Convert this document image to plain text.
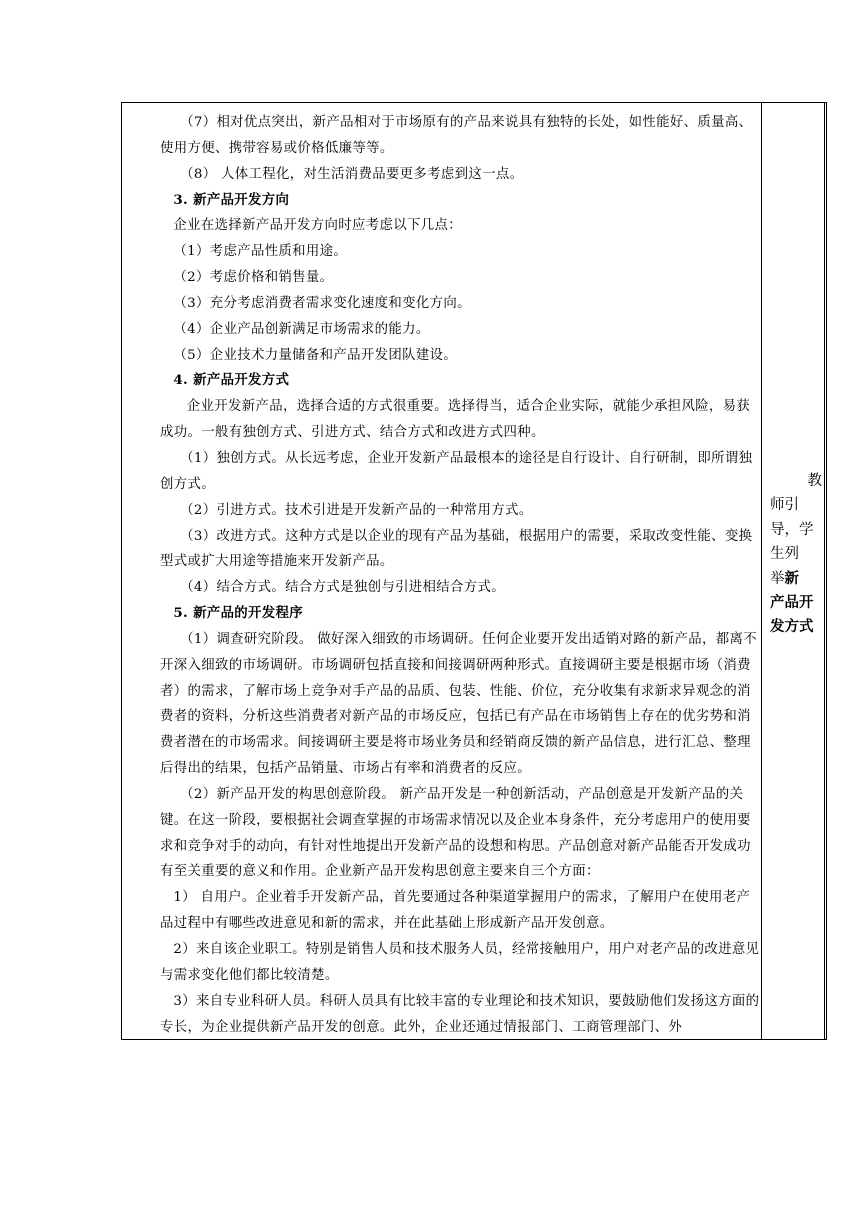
（7）相对优点突出，新产品相对于市场原有的产品来说具有独特的长处，如性能好、质量高、使用方便、携带容易或价格低廉等等。

（8） 人体工程化，对生活消费品要更多考虑到这一点。

3. 新产品开发方向

企业在选择新产品开发方向时应考虑以下几点：

（1）考虑产品性质和用途。

（2）考虑价格和销售量。

（3）充分考虑消费者需求变化速度和变化方向。

（4）企业产品创新满足市场需求的能力。

（5）企业技术力量储备和产品开发团队建设。

4. 新产品开发方式

企业开发新产品，选择合适的方式很重要。选择得当，适合企业实际，就能少承担风险，易获成功。一般有独创方式、引进方式、结合方式和改进方式四种。

（1）独创方式。从长远考虑，企业开发新产品最根本的途径是自行设计、自行研制，即所谓独创方式。

（2）引进方式。技术引进是开发新产品的一种常用方式。

（3）改进方式。这种方式是以企业的现有产品为基础，根据用户的需要，采取改变性能、变换型式或扩大用途等措施来开发新产品。

（4）结合方式。结合方式是独创与引进相结合方式。

5. 新产品的开发程序

（1）调查研究阶段。 做好深入细致的市场调研。任何企业要开发出适销对路的新产品，都离不开深入细致的市场调研。市场调研包括直接和间接调研两种形式。直接调研主要是根据市场（消费者）的需求，了解市场上竞争对手产品的品质、包装、性能、价位，充分收集有求新求异观念的消费者的资料，分析这些消费者对新产品的市场反应，包括已有产品在市场销售上存在的优劣势和消费者潜在的市场需求。间接调研主要是将市场业务员和经销商反馈的新产品信息，进行汇总、整理后得出的结果，包括产品销量、市场占有率和消费者的反应。

（2）新产品开发的构思创意阶段。 新产品开发是一种创新活动，产品创意是开发新产品的关键。在这一阶段，要根据社会调查掌握的市场需求情况以及企业本身条件，充分考虑用户的使用要求和竞争对手的动向，有针对性地提出开发新产品的设想和构思。产品创意对新产品能否开发成功有至关重要的意义和作用。企业新产品开发构思创意主要来自三个方面：

1） 自用户。企业着手开发新产品，首先要通过各种渠道掌握用户的需求，了解用户在使用老产品过程中有哪些改进意见和新的需求，并在此基础上形成新产品开发创意。

2）来自该企业职工。特别是销售人员和技术服务人员，经常接触用户，用户对老产品的改进意见与需求变化他们都比较清楚。

3）来自专业科研人员。科研人员具有比较丰富的专业理论和技术知识，要鼓励他们发扬这方面的专长，为企业提供新产品开发的创意。此外，企业还通过情报部门、工商管理部门、外

教

师引

导，学

生列

举新

产品开

发方式
